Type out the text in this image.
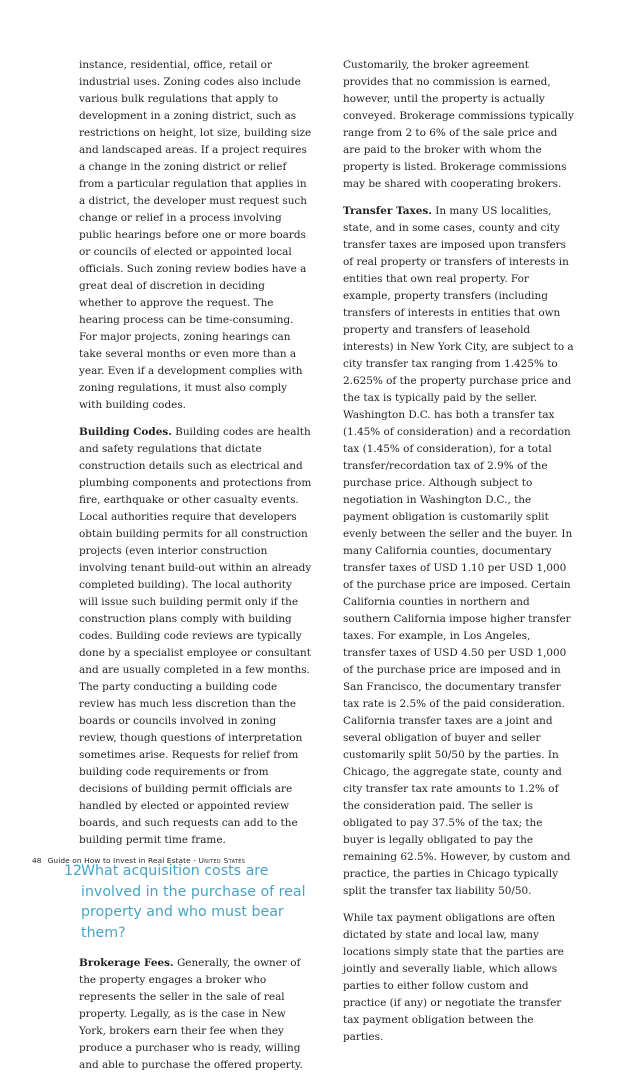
instance, residential, office, retail or industrial uses. Zoning codes also include various bulk regulations that apply to development in a zoning district, such as restrictions on height, lot size, building size and landscaped areas. If a project requires a change in the zoning district or relief from a particular regulation that applies in a district, the developer must request such change or relief in a process involving public hearings before one or more boards or councils of elected or appointed local officials. Such zoning review bodies have a great deal of discretion in deciding whether to approve the request. The hearing process can be time-consuming. For major projects, zoning hearings can take several months or even more than a year. Even if a development complies with zoning regulations, it must also comply with building codes.

Building Codes. Building codes are health and safety regulations that dictate construction details such as electrical and plumbing components and protections from fire, earthquake or other casualty events. Local authorities require that developers obtain building permits for all construction projects (even interior construction involving tenant build-out within an already completed building). The local authority will issue such building permit only if the construction plans comply with building codes. Building code reviews are typically done by a specialist employee or consultant and are usually completed in a few months. The party conducting a building code review has much less discretion than the boards or councils involved in zoning review, though questions of interpretation sometimes arise. Requests for relief from building code requirements or from decisions of building permit officials are handled by elected or appointed review boards, and such requests can add to the building permit time frame.

12.
What acquisition costs are involved in the purchase of real property and who must bear them?

Brokerage Fees. Generally, the owner of the property engages a broker who represents the seller in the sale of real property. Legally, as is the case in New York, brokers earn their fee when they produce a purchaser who is ready, willing and able to purchase the offered property.

Customarily, the broker agreement provides that no commission is earned, however, until the property is actually conveyed. Brokerage commissions typically range from 2 to 6% of the sale price and are paid to the broker with whom the property is listed. Brokerage commissions may be shared with cooperating brokers.

Transfer Taxes. In many US localities, state, and in some cases, county and city transfer taxes are imposed upon transfers of real property or transfers of interests in entities that own real property. For example, property transfers (including transfers of interests in entities that own property and transfers of leasehold interests) in New York City, are subject to a city transfer tax ranging from 1.425% to 2.625% of the property purchase price and the tax is typically paid by the seller. Washington D.C. has both a transfer tax (1.45% of consideration) and a recordation tax (1.45% of consideration), for a total transfer/recordation tax of 2.9% of the purchase price. Although subject to negotiation in Washington D.C., the payment obligation is customarily split evenly between the seller and the buyer. In many California counties, documentary transfer taxes of USD 1.10 per USD 1,000 of the purchase price are imposed. Certain California counties in northern and southern California impose higher transfer taxes. For example, in Los Angeles, transfer taxes of USD 4.50 per USD 1,000 of the purchase price are imposed and in San Francisco, the documentary transfer tax rate is 2.5% of the paid consideration. California transfer taxes are a joint and several obligation of buyer and seller customarily split 50/50 by the parties. In Chicago, the aggregate state, county and city transfer tax rate amounts to 1.2% of the consideration paid. The seller is obligated to pay 37.5% of the tax; the buyer is legally obligated to pay the remaining 62.5%. However, by custom and practice, the parties in Chicago typically split the transfer tax liability 50/50.

While tax payment obligations are often dictated by state and local law, many locations simply state that the parties are jointly and severally liable, which allows parties to either follow custom and practice (if any) or negotiate the transfer tax payment obligation between the parties.

48 Guide on How to Invest in Real Estate - United States
